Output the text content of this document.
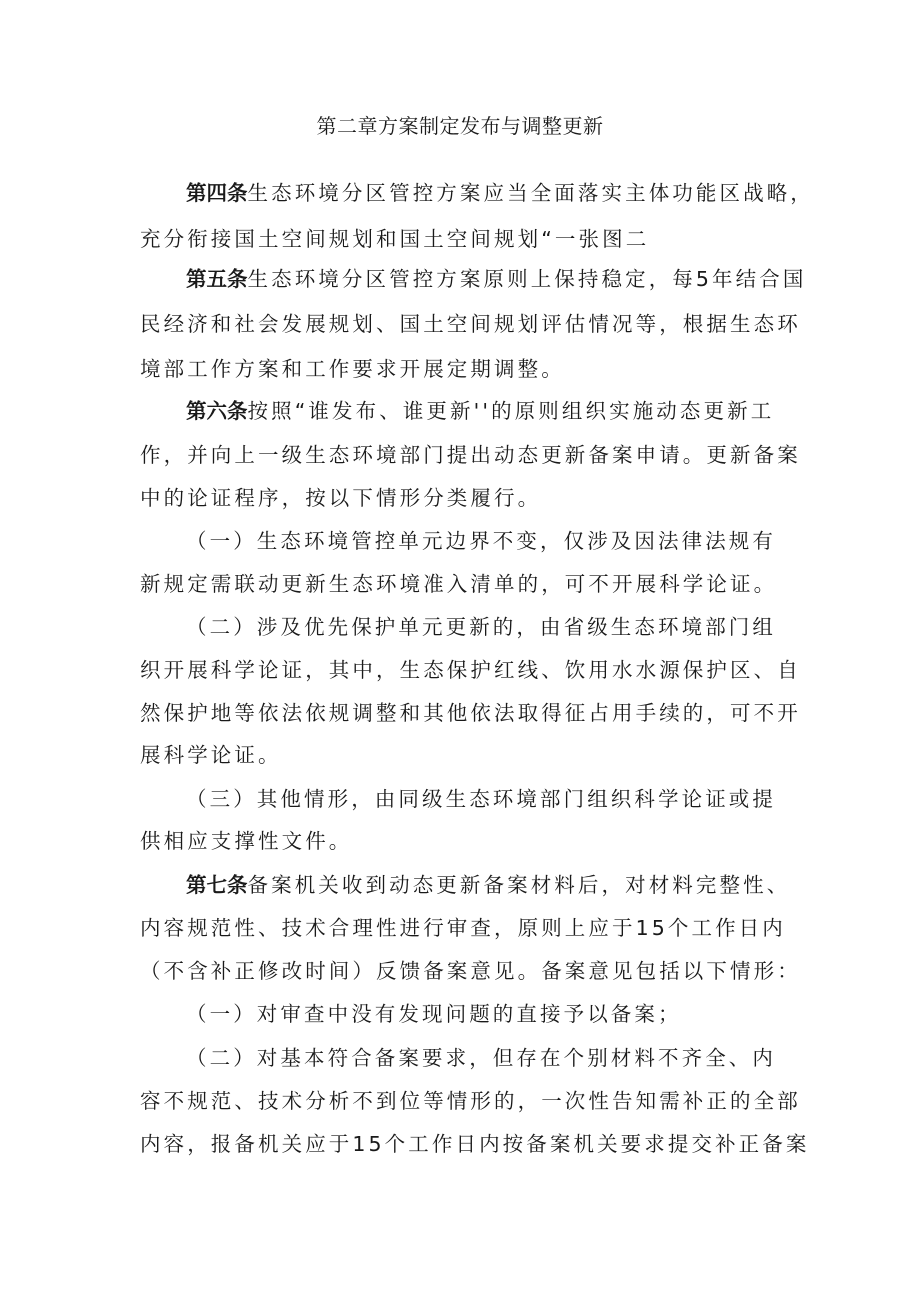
第二章方案制定发布与调整更新
第四条生态环境分区管控方案应当全面落实主体功能区战略，
充分衔接国土空间规划和国土空间规划“一张图二
第五条生态环境分区管控方案原则上保持稳定，每5年结合国
民经济和社会发展规划、国土空间规划评估情况等，根据生态环
境部工作方案和工作要求开展定期调整。
第六条按照“谁发布、谁更新''的原则组织实施动态更新工
作，并向上一级生态环境部门提出动态更新备案申请。更新备案
中的论证程序，按以下情形分类履行。
（一）生态环境管控单元边界不变，仅涉及因法律法规有
新规定需联动更新生态环境准入清单的，可不开展科学论证。
（二）涉及优先保护单元更新的，由省级生态环境部门组
织开展科学论证，其中，生态保护红线、饮用水水源保护区、自
然保护地等依法依规调整和其他依法取得征占用手续的，可不开
展科学论证。
（三）其他情形，由同级生态环境部门组织科学论证或提
供相应支撑性文件。
第七条备案机关收到动态更新备案材料后，对材料完整性、
内容规范性、技术合理性进行审查，原则上应于15个工作日内
（不含补正修改时间）反馈备案意见。备案意见包括以下情形：
（一）对审查中没有发现问题的直接予以备案；
（二）对基本符合备案要求，但存在个别材料不齐全、内
容不规范、技术分析不到位等情形的，一次性告知需补正的全部
内容，报备机关应于15个工作日内按备案机关要求提交补正备案
